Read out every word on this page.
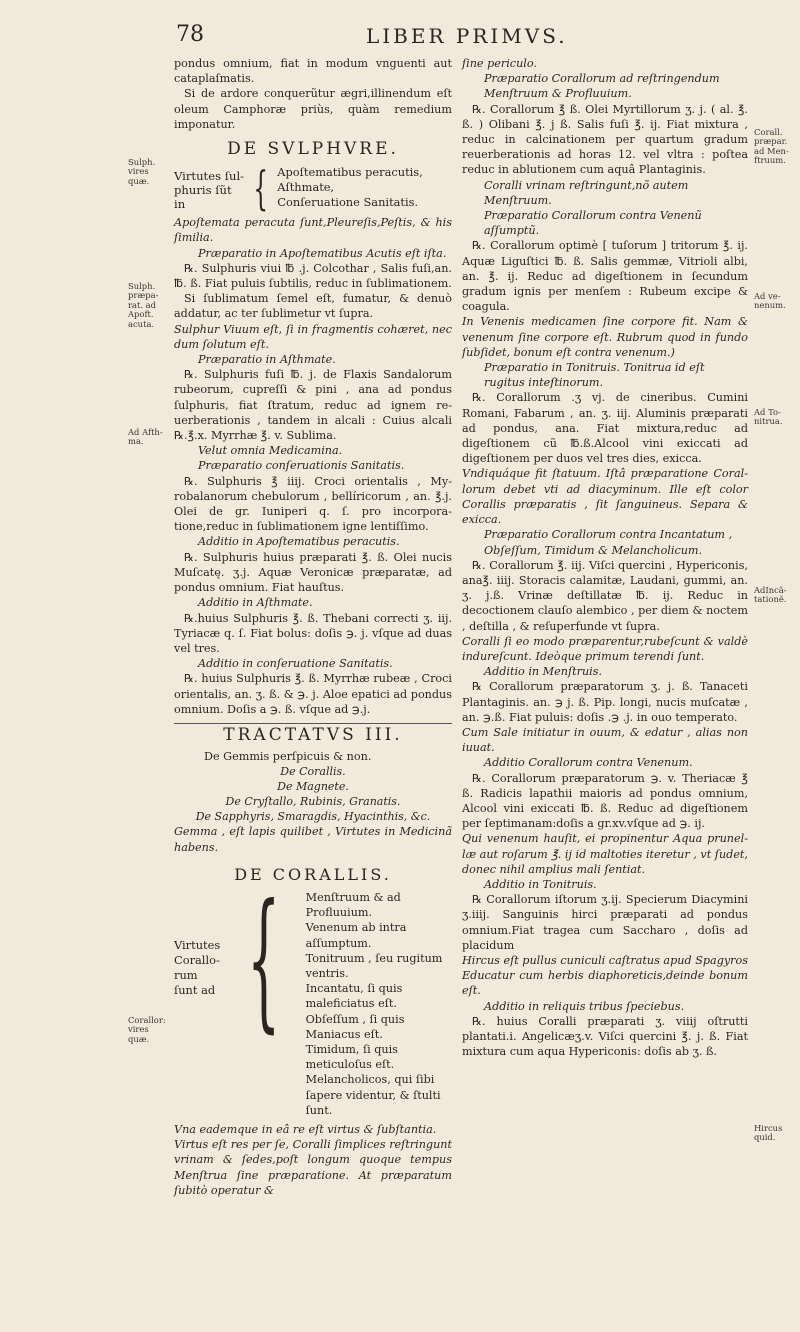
78	LIBER PRIMVS.
Sulph. vires quæ.
Sulph. præparat. ad Apoft. acuta.
Ad Afthma.
Corallor: vires quæ.
Corall. præpar. ad Menftruum.
Ad venenum.
Ad Tonitrua.
AdIncãtationẽ.
Hircus quid.

pondus omnium, fiat in modum vnguenti aut cataplaſmatis.

Si de ardore conquerũtur ægri,illinendum eſt oleum Camphoræ priùs, quàm remedium imponatur.

DE SVLPHVRE.
Virtutes ſul-phuris ſũt in	{ Apoſtematibus peracutis,
Aſthmate,
Conſeruatione Sanitatis.

Apoſtemata peracuta ſunt,Pleureſis,Peſtis, & his ſimilia.

Præparatio in Apoſtematibus Acutis eſt iſta.

℞. Sulphuris viui ℔ .j. Colcothar , Salis fuſi,an. ℔. ß. Fiat puluis ſubtilis, reduc in ſublimationem.

Si ſublimatum ſemel eſt, fumatur, & denuò addatur, ac ter ſublimetur vt ſupra.

Sulphur Viuum eſt, ſi in fragmentis cohæret, nec dum ſolutum eſt.

Præparatio in Aſthmate.

℞. Sulphuris fuſi ℔. j. de Flaxis Sandalorum rubeorum, cupreſſi & pini , ana ad pondus ſulphuris, fiat ſtratum, reduc ad ignem reuerberationis , tandem in alcali : Cuius alcali ℞.℥.x. Myrrhæ ℥. v. Sublima.

Velut omnia Medicamina.

Præparatio conſeruationis Sanitatis.

℞. Sulphuris ℥ iiij. Croci orientalis , Myrobalanorum chebulorum , bellíricorum , an. ℥.j. Olei de gr. Iuniperi q. ſ. pro incorporatione,reduc in ſublimationem igne lentiſſimo.

Additio in Apoſtematibus peracutis.

℞. Sulphuris huius præparati ℥. ß. Olei nucis Muſcatę. ʒ.j. Aquæ Veronicæ præparatæ, ad pondus omnium. Fiat hauſtus.

Additio in Aſthmate.

℞.huius Sulphuris ℥. ß. Thebani correcti ʒ. iij. Tyriacæ q. ſ. Fiat bolus: doſis ℈. j. vſque ad duas vel tres.

Additio in conſeruatione Sanitatis.

℞. huius Sulphuris ℥. ß. Myrrhæ rubeæ , Croci orientalis, an. ʒ. ß. & ℈. j. Aloe epatici ad pondus omnium. Doſis a ℈. ß. vſque ad ℈.j.

TRACTATVS III.

De Gemmis perſpicuis & non.

De Corallis.
De Magnete.
De Cryſtallo, Rubinis, Granatis.
De Sapphyris, Smaragdis, Hyacinthis, &c.

Gemma , eſt lapis quilibet , Virtutes in Medicinã habens.

DE CORALLIS.
Virtutes Corallo-rum ſunt ad { Menſtruum & ad Profluuium.
Venenum ab intra aſſumptum.
Tonitruum , ſeu rugitum ventris.
Incantatu, ſi quis maleficiatus eſt.
Obſeſſum , ſi quis Maniacus eſt.
Timidum, ſi quis meticuloſus eſt.
Melancholicos, qui ſibi ſapere videntur, & ſtulti ſunt.

Vna eademque in eâ re eſt virtus & ſubſtantia.

Virtus eſt res per ſe, Coralli ſimplices reſtringunt vrinam & ſedes,poſt longum quoque tempus Menſtrua ſine præparatione. At præparatum ſubitò operatur &

ſine periculo.

Præparatio Corallorum ad reſtringendum Menſtruum & Profluuium.

℞. Corallorum ℥ ß. Olei Myrtillorum ʒ. j. ( al. ℥. ß. ) Olibani ℥. j ß. Salis fuſi ℥. ij. Fiat mixtura , reduc in calcinationem per quartum gradum reuerberationis ad horas 12. vel vltra : poſtea reduc in ablutionem cum aquâ Plantaginis.

Coralli vrinam reſtringunt,nõ autem Menſtruum.

Præparatio Corallorum contra Venenũ aſſumptũ.

℞. Corallorum optimè [ tuſorum ] tritorum ℥. ij. Aquæ Liguſtici ℔. ß. Salis gemmæ, Vitrioli albi, an. ℥. ij. Reduc ad digeſtionem in ſecundum gradum ignis per menſem : Rubeum excipe & coagula.

In Venenis medicamen ſine corpore fit. Nam & venenum ſine corpore eſt. Rubrum quod in fundo ſubſidet, bonum eſt contra venenum.)

Præparatio in Tonitruis. Tonitrua id eſt rugitus inteſtinorum.

℞. Corallorum .ʒ vj. de cineribus. Cumini Romani, Fabarum , an. ʒ. iij. Aluminis præparati ad pondus, ana. Fiat mixtura,reduc ad digeſtionem cũ ℔.ß.Alcool vini exiccati ad digeſtionem per duos vel tres dies, exicca.

Vndiquáque fit ſtatuum. Iſtâ præparatione Corallorum debet vti ad diacyminum. Ille eſt color Corallis præparatis , ſit ſanguineus. Separa & exicca.

Præparatio Corallorum contra Incantatum , Obſeſſum, Timidum & Melancholicum.

℞. Corallorum ℥. iij. Viſci quercini , Hypericonis, ana℥. iiij. Storacis calamitæ, Laudani, gummi, an. ʒ. j.ß. Vrinæ deſtillatæ ℔. ij. Reduc in decoctionem clauſo alembico , per diem & noctem , deſtilla , & reſuperfunde vt ſupra.

Coralli ſi eo modo præparentur,rubeſcunt & valdè indureſcunt. Ideòque primum terendi ſunt.

Additio in Menſtruis.

℞ Corallorum præparatorum ʒ. j. ß. Tanaceti Plantaginis. an. ℈ j. ß. Pip. longi, nucis muſcatæ , an. ℈.ß. Fiat puluis: doſis .℈ .j. in ouo temperato.

Cum Sale initiatur in ouum, & edatur , alias non iuuat.

Additio Corallorum contra Venenum.

℞. Corallorum præparatorum ℈. v. Theriacæ ℥ ß. Radicis lapathii maioris ad pondus omnium, Alcool vini exiccati ℔. ß. Reduc ad digeſtionem per ſeptimanam:doſis a gr.xv.vſque ad ℈. ij.

Qui venenum hauſit, ei propinentur Aqua prunellæ aut roſarum ℥. ij id maltoties iteretur , vt ſudet, donec nihil amplius mali ſentiat.

Additio in Tonitruis.

℞ Corallorum iſtorum ʒ.ij. Specierum Diacymini ʒ.iiij. Sanguinis hirci præparati ad pondus omnium.Fiat tragea cum Saccharo , doſis ad placidum

Hircus eſt pullus cuniculi caſtratus apud Spagyros Educatur cum herbis diaphoreticis,deinde bonum eſt.

Additio in reliquis tribus ſpeciebus.

℞. huius Coralli præparati ʒ. viiij oſtrutti plantati.i. Angelicæʒ.v. Viſci quercini ℥. j. ß. Fiat mixtura cum aqua Hypericonis: doſis ab ʒ. ß.
